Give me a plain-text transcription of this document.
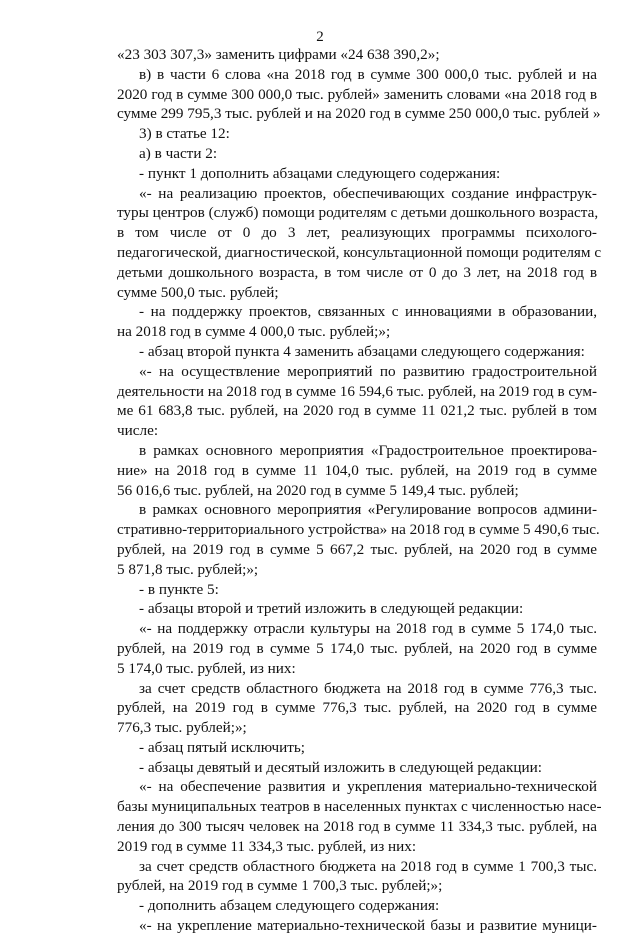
2
«23 303 307,3» заменить цифрами «24 638 390,2»;
в) в части 6 слова «на 2018 год в сумме 300 000,0 тыс. рублей и на
2020 год в сумме 300 000,0 тыс. рублей» заменить словами «на 2018 год в
сумме 299 795,3 тыс. рублей и на 2020 год в сумме 250 000,0 тыс. рублей »
3) в статье 12:
а) в части 2:
- пункт 1 дополнить абзацами следующего содержания:
«- на реализацию проектов, обеспечивающих создание инфраструк-
туры центров (служб) помощи родителям с детьми дошкольного возраста,
в том числе от 0 до 3 лет, реализующих программы психолого-
педагогической, диагностической, консультационной помощи родителям с
детьми дошкольного возраста, в том числе от 0 до 3 лет, на 2018 год в
сумме 500,0 тыс. рублей;
- на поддержку проектов, связанных с инновациями в образовании,
на 2018 год в сумме 4 000,0 тыс. рублей;»;
- абзац второй пункта 4 заменить абзацами следующего содержания:
«- на осуществление мероприятий по развитию градостроительной
деятельности на 2018 год в сумме 16 594,6 тыс. рублей, на 2019 год в сум-
ме 61 683,8 тыс. рублей, на 2020 год в сумме 11 021,2 тыс. рублей в том
числе:
в рамках основного мероприятия «Градостроительное проектирова-
ние» на 2018 год в сумме 11 104,0 тыс. рублей, на 2019 год в сумме
56 016,6 тыс. рублей, на 2020 год в сумме 5 149,4 тыс. рублей;
в рамках основного мероприятия «Регулирование вопросов админи-
стративно-территориального устройства» на 2018 год в сумме 5 490,6 тыс.
рублей, на 2019 год в сумме 5 667,2 тыс. рублей, на 2020 год в сумме
5 871,8 тыс. рублей;»;
- в пункте 5:
- абзацы второй и третий изложить в следующей редакции:
«- на поддержку отрасли культуры на 2018 год в сумме 5 174,0 тыс.
рублей, на 2019 год в сумме 5 174,0 тыс. рублей, на 2020 год в сумме
5 174,0 тыс. рублей, из них:
за счет средств областного бюджета на 2018 год в сумме 776,3 тыс.
рублей, на 2019 год в сумме 776,3 тыс. рублей, на 2020 год в сумме
776,3 тыс. рублей;»;
- абзац пятый исключить;
- абзацы девятый и десятый изложить в следующей редакции:
«- на обеспечение развития и укрепления материально-технической
базы муниципальных театров в населенных пунктах с численностью насе-
ления до 300 тысяч человек на 2018 год в сумме 11 334,3 тыс. рублей, на
2019 год в сумме 11 334,3 тыс. рублей, из них:
за счет средств областного бюджета на 2018 год в сумме 1 700,3 тыс.
рублей, на 2019 год в сумме 1 700,3 тыс. рублей;»;
- дополнить абзацем следующего содержания:
«- на укрепление материально-технической базы и развитие муници-
